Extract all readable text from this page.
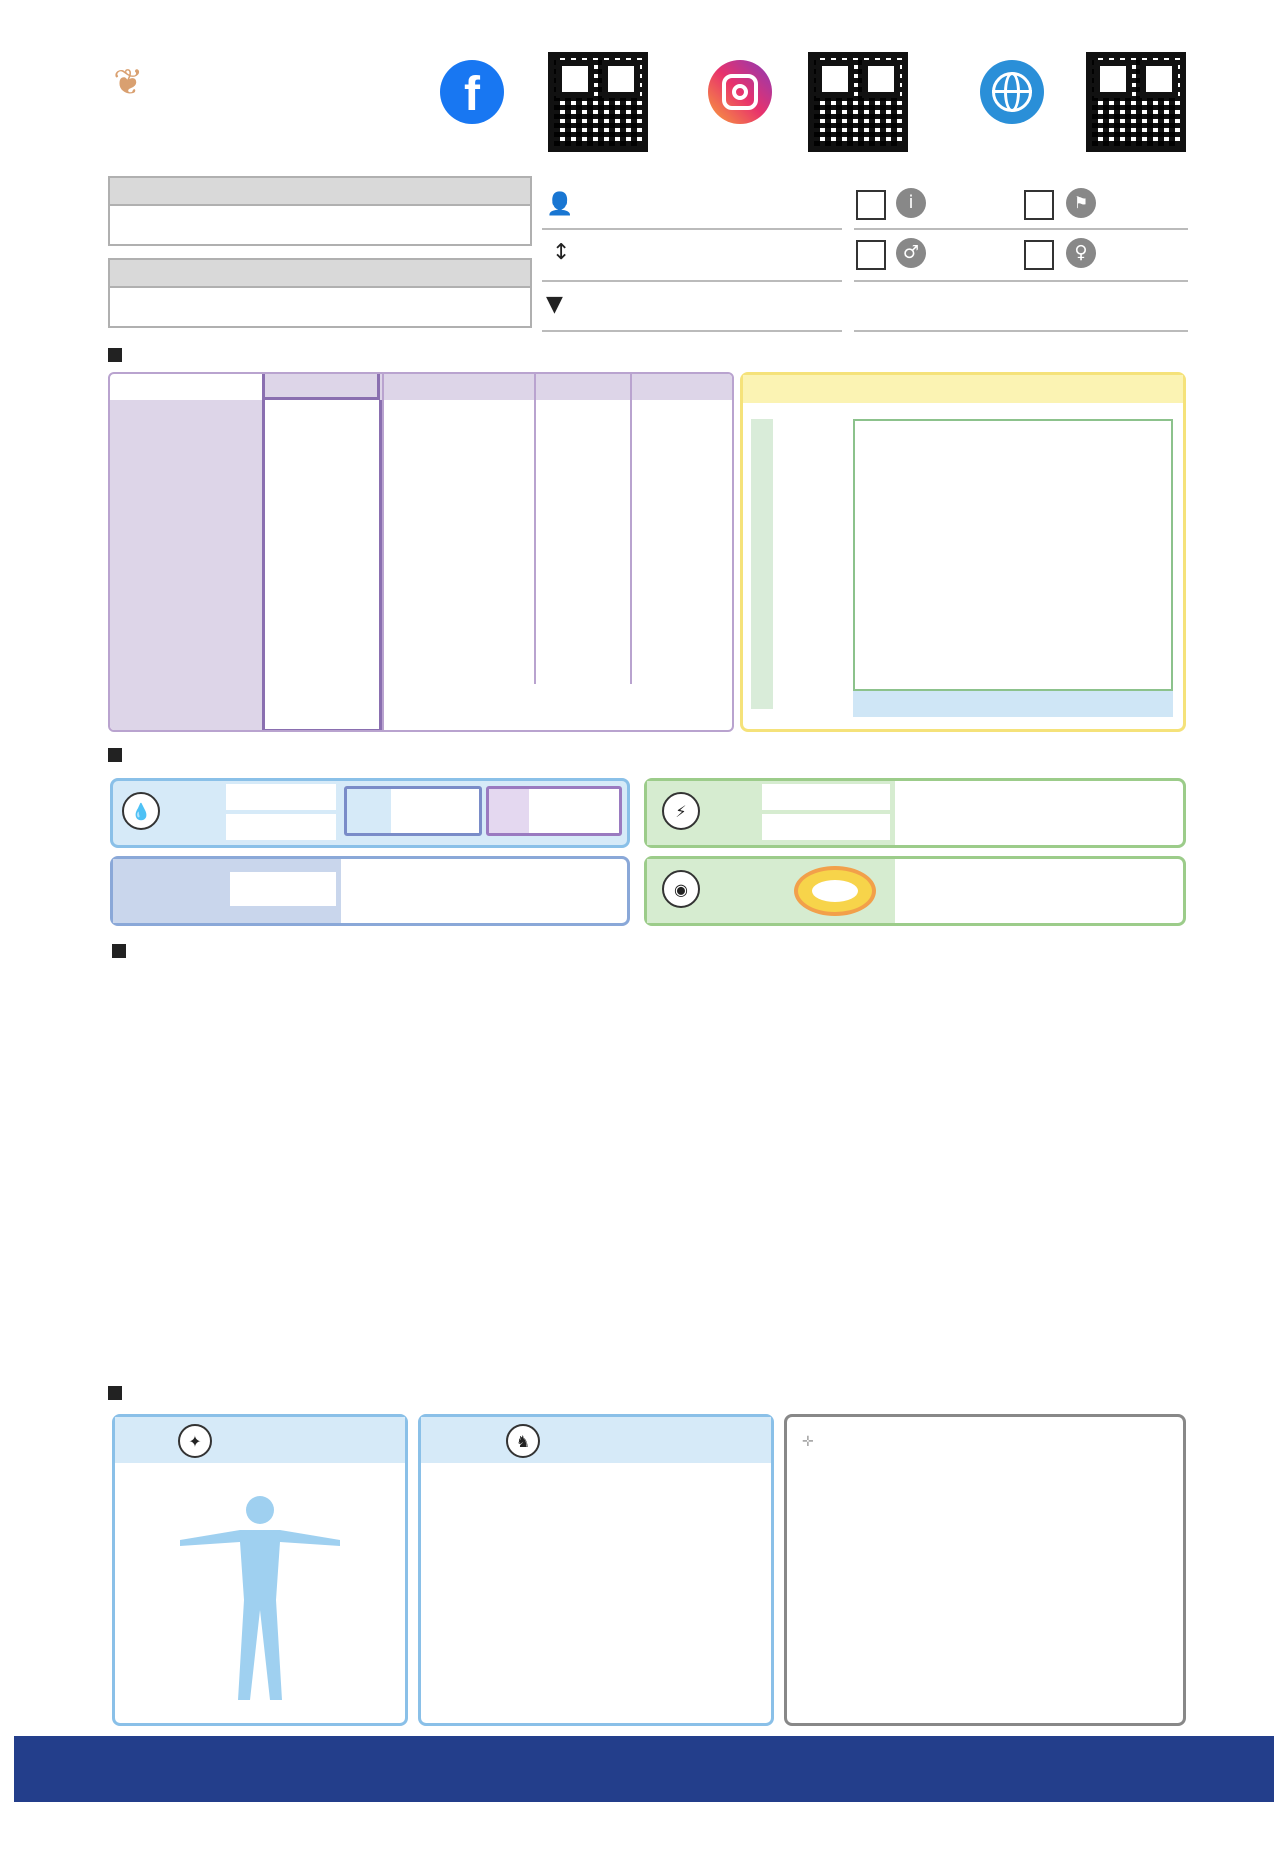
❦	f
👤
↕
▼
i	⚑
♂	♀
💧	⚡
◉
✦	♞	✛
